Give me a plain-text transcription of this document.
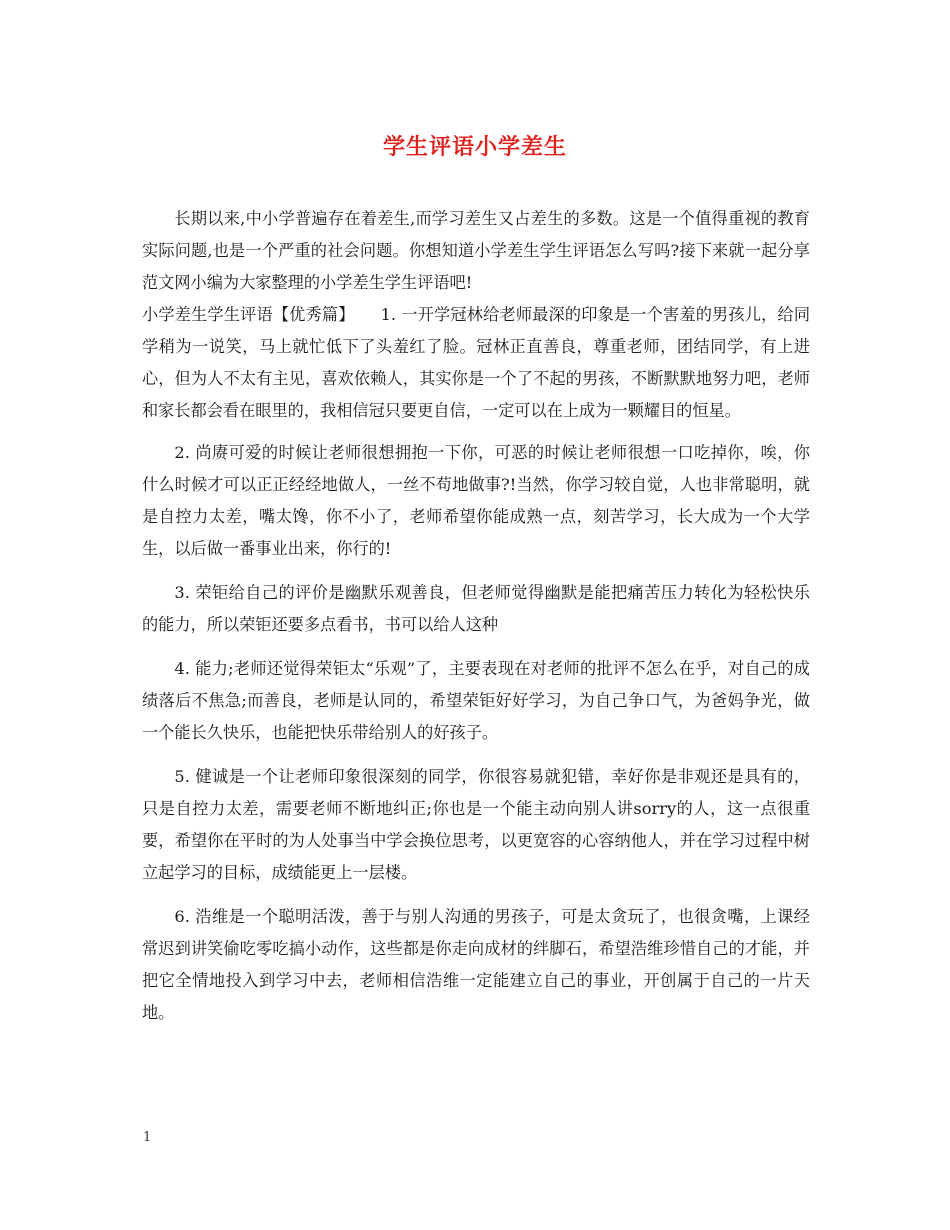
学生评语小学差生

长期以来,中小学普遍存在着差生,而学习差生又占差生的多数。这是一个值得重视的教育实际问题,也是一个严重的社会问题。你想知道小学差生学生评语怎么写吗?接下来就一起分享范文网小编为大家整理的小学差生学生评语吧!

小学差生学生评语【优秀篇】 1. 一开学冠林给老师最深的印象是一个害羞的男孩儿，给同学稍为一说笑，马上就忙低下了头羞红了脸。冠林正直善良，尊重老师，团结同学，有上进心，但为人不太有主见，喜欢依赖人，其实你是一个了不起的男孩，不断默默地努力吧，老师和家长都会看在眼里的，我相信冠只要更自信，一定可以在上成为一颗耀目的恒星。

2. 尚赓可爱的时候让老师很想拥抱一下你，可恶的时候让老师很想一口吃掉你，唉，你什么时候才可以正正经经地做人，一丝不苟地做事?!当然，你学习较自觉，人也非常聪明，就是自控力太差，嘴太馋，你不小了，老师希望你能成熟一点，刻苦学习，长大成为一个大学生，以后做一番事业出来，你行的!

3. 荣钜给自己的评价是幽默乐观善良，但老师觉得幽默是能把痛苦压力转化为轻松快乐的能力，所以荣钜还要多点看书，书可以给人这种

4. 能力;老师还觉得荣钜太“乐观”了，主要表现在对老师的批评不怎么在乎，对自己的成绩落后不焦急;而善良，老师是认同的，希望荣钜好好学习，为自己争口气，为爸妈争光，做一个能长久快乐，也能把快乐带给别人的好孩子。

5. 健诚是一个让老师印象很深刻的同学，你很容易就犯错，幸好你是非观还是具有的，只是自控力太差，需要老师不断地纠正;你也是一个能主动向别人讲sorry的人，这一点很重要，希望你在平时的为人处事当中学会换位思考，以更宽容的心容纳他人，并在学习过程中树立起学习的目标，成绩能更上一层楼。

6. 浩维是一个聪明活泼，善于与别人沟通的男孩子，可是太贪玩了，也很贪嘴，上课经常迟到讲笑偷吃零吃搞小动作，这些都是你走向成材的绊脚石，希望浩维珍惜自己的才能，并把它全情地投入到学习中去，老师相信浩维一定能建立自己的事业，开创属于自己的一片天地。

1
